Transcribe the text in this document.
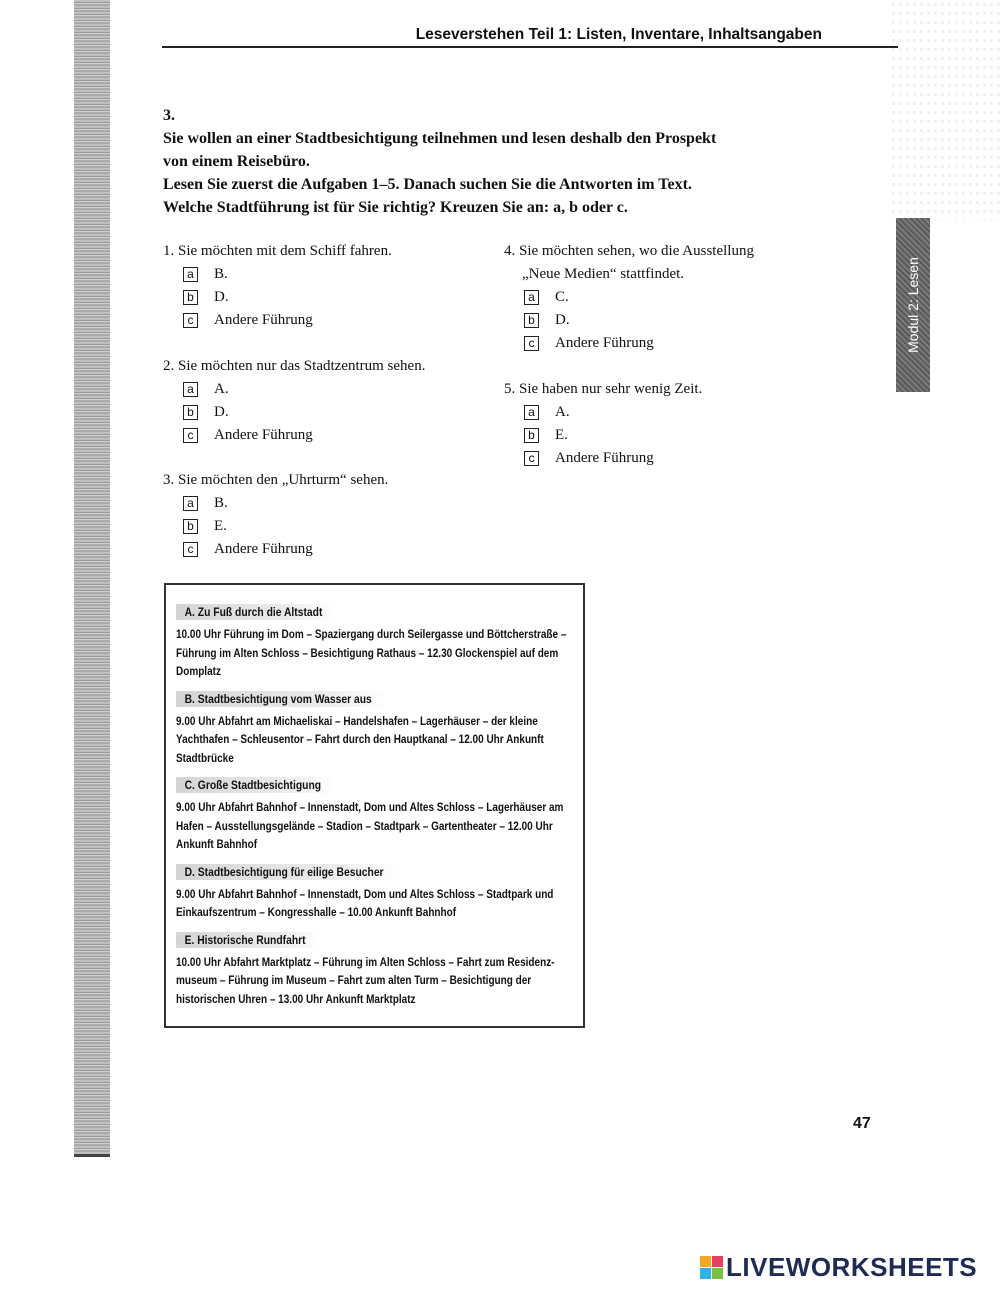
Leseverstehen Teil 1: Listen, Inventare, Inhaltsangaben
Modul 2: Lesen
3.
Sie wollen an einer Stadtbesichtigung teilnehmen und lesen deshalb den Prospekt
von einem Reisebüro.
Lesen Sie zuerst die Aufgaben 1–5. Danach suchen Sie die Antworten im Text.
Welche Stadtführung ist für Sie richtig? Kreuzen Sie an: a, b oder c.
1. Sie möchten mit dem Schiff fahren.
a B.
b D.
c	Andere Führung
2. Sie möchten nur das Stadtzentrum sehen.
a A.
b D.
c	Andere Führung
3. Sie möchten den „Uhrturm“ sehen.
a B.
b E.
c	Andere Führung
4. Sie möchten sehen, wo die Ausstellung
„Neue Medien“ stattfindet.
a C.
b D.
c	Andere Führung
5. Sie haben nur sehr wenig Zeit.
a A.
b E.
c	Andere Führung
A. Zu Fuß durch die Altstadt
10.00 Uhr Führung im Dom – Spaziergang durch Seilergasse und Böttcherstraße –
Führung im Alten Schloss – Besichtigung Rathaus – 12.30 Glockenspiel auf dem
Domplatz
B. Stadtbesichtigung vom Wasser aus
9.00 Uhr Abfahrt am Michaeliskai – Handelshafen – Lagerhäuser – der kleine
Yachthafen – Schleusentor – Fahrt durch den Hauptkanal – 12.00 Uhr Ankunft
Stadtbrücke
C. Große Stadtbesichtigung
9.00 Uhr Abfahrt Bahnhof – Innenstadt, Dom und Altes Schloss – Lagerhäuser am
Hafen – Ausstellungsgelände – Stadion – Stadtpark – Gartentheater – 12.00 Uhr
Ankunft Bahnhof
D. Stadtbesichtigung für eilige Besucher
9.00 Uhr Abfahrt Bahnhof – Innenstadt, Dom und Altes Schloss – Stadtpark und
Einkaufszentrum – Kongresshalle – 10.00 Ankunft Bahnhof
E. Historische Rundfahrt
10.00 Uhr Abfahrt Marktplatz – Führung im Alten Schloss – Fahrt zum Residenz-
museum – Führung im Museum – Fahrt zum alten Turm – Besichtigung der
historischen Uhren – 13.00 Uhr Ankunft Marktplatz
47
LIVEWORKSHEETS
